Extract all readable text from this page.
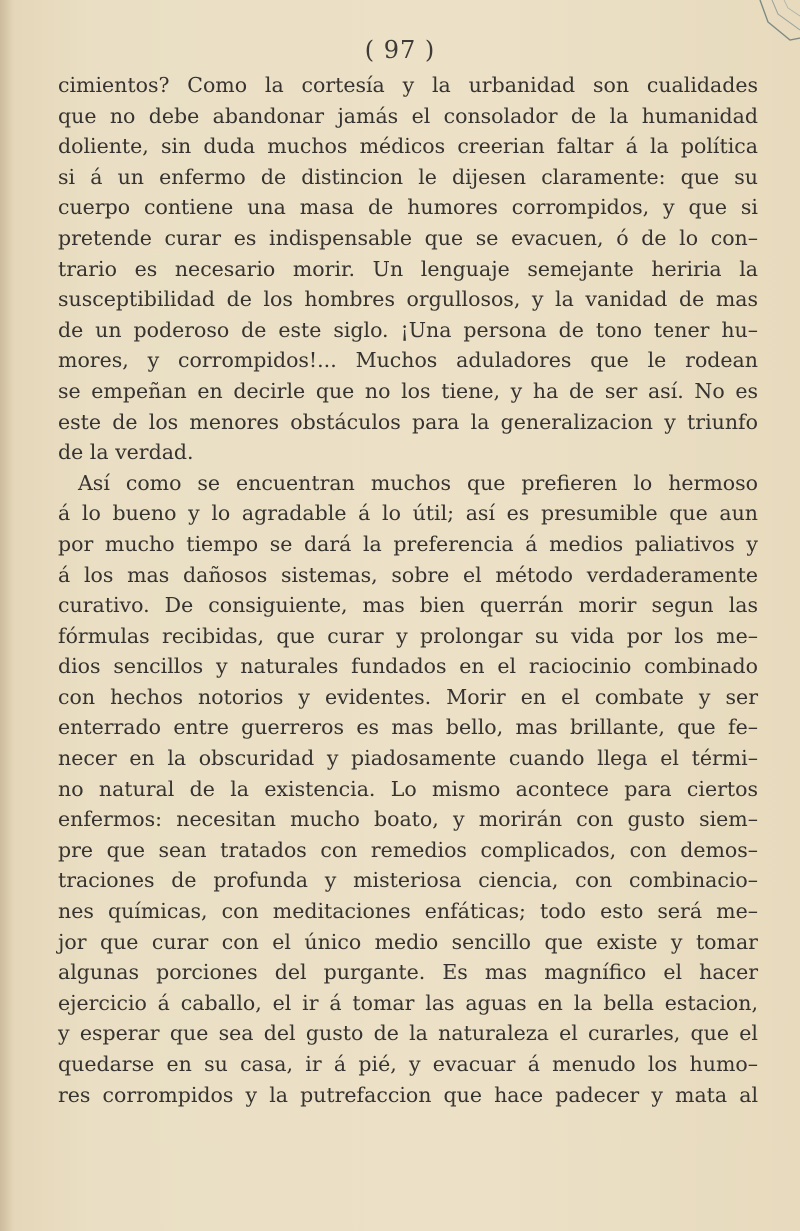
( 97 )
cimientos? Como la cortesía y la urbanidad son cualidades
que no debe abandonar jamás el consolador de la humanidad
doliente, sin duda muchos médicos creerian faltar á la política
si á un enfermo de distincion le dijesen claramente: que su
cuerpo contiene una masa de humores corrompidos, y que si
pretende curar es indispensable que se evacuen, ó de lo con–
trario es necesario morir. Un lenguaje semejante heriria la
susceptibilidad de los hombres orgullosos, y la vanidad de mas
de un poderoso de este siglo. ¡Una persona de tono tener hu–
mores, y corrompidos!... Muchos aduladores que le rodean
se empeñan en decirle que no los tiene, y ha de ser así. No es
este de los menores obstáculos para la generalizacion y triunfo
de la verdad.
Así como se encuentran muchos que prefieren lo hermoso
á lo bueno y lo agradable á lo útil; así es presumible que aun
por mucho tiempo se dará la preferencia á medios paliativos y
á los mas dañosos sistemas, sobre el método verdaderamente
curativo. De consiguiente, mas bien querrán morir segun las
fórmulas recibidas, que curar y prolongar su vida por los me–
dios sencillos y naturales fundados en el raciocinio combinado
con hechos notorios y evidentes. Morir en el combate y ser
enterrado entre guerreros es mas bello, mas brillante, que fe–
necer en la obscuridad y piadosamente cuando llega el térmi–
no natural de la existencia. Lo mismo acontece para ciertos
enfermos: necesitan mucho boato, y morirán con gusto siem–
pre que sean tratados con remedios complicados, con demos–
traciones de profunda y misteriosa ciencia, con combinacio–
nes químicas, con meditaciones enfáticas; todo esto será me–
jor que curar con el único medio sencillo que existe y tomar
algunas porciones del purgante. Es mas magnífico el hacer
ejercicio á caballo, el ir á tomar las aguas en la bella estacion,
y esperar que sea del gusto de la naturaleza el curarles, que el
quedarse en su casa, ir á pié, y evacuar á menudo los humo–
res corrompidos y la putrefaccion que hace padecer y mata al
